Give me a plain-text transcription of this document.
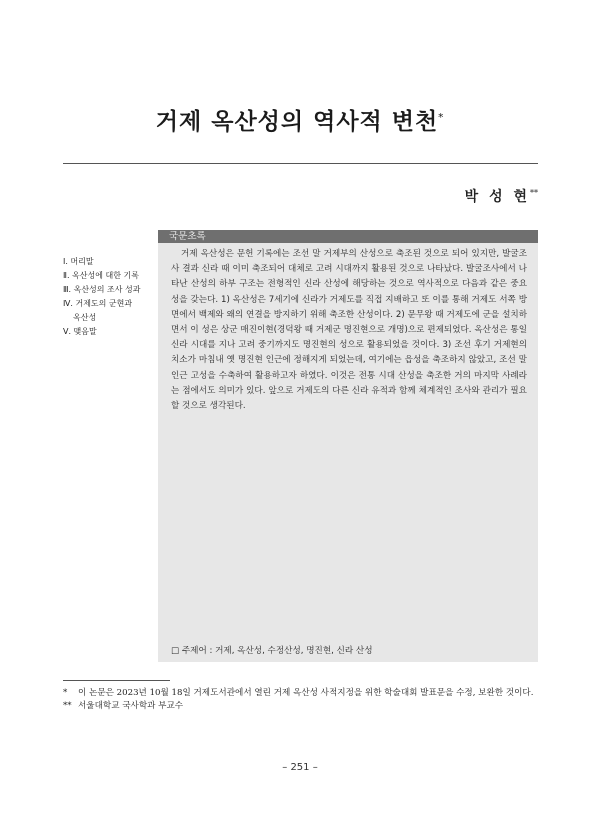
거제 옥산성의 역사적 변천*
박 성 현**
Ⅰ. 머리말
Ⅱ. 옥산성에 대한 기록
Ⅲ. 옥산성의 조사 성과
Ⅳ. 거제도의 군현과
옥산성
Ⅴ. 맺음말
국문초록
거제 옥산성은 문헌 기록에는 조선 말 거제부의 산성으로 축조된 것으로 되어 있지만, 발굴조사 결과 신라 때 이미 축조되어 대체로 고려 시대까지 활용된 것으로 나타났다. 발굴조사에서 나타난 산성의 하부 구조는 전형적인 신라 산성에 해당하는 것으로 역사적으로 다음과 같은 중요성을 갖는다. 1) 옥산성은 7세기에 신라가 거제도를 직접 지배하고 또 이를 통해 거제도 서쪽 방면에서 백제와 왜의 연결을 방지하기 위해 축조한 산성이다. 2) 문무왕 때 거제도에 군을 설치하면서 이 성은 상군 매진이현(경덕왕 때 거제군 명진현으로 개명)으로 편제되었다. 옥산성은 통일 신라 시대를 지나 고려 중기까지도 명진현의 성으로 활용되었을 것이다. 3) 조선 후기 거제현의 치소가 마침내 옛 명진현 인근에 정해지게 되었는데, 여기에는 읍성을 축조하지 않았고, 조선 말 인근 고성을 수축하여 활용하고자 하였다. 이것은 전통 시대 산성을 축조한 거의 마지막 사례라는 점에서도 의미가 있다. 앞으로 거제도의 다른 신라 유적과 함께 체계적인 조사와 관리가 필요할 것으로 생각된다.
□ 주제어 : 거제, 옥산성, 수정산성, 명진현, 신라 산성
* 이 논문은 2023년 10월 18일 거제도서관에서 열린 거제 옥산성 사적지정을 위한 학술대회 발표문을 수정, 보완한 것이다.
** 서울대학교 국사학과 부교수
– 251 –
